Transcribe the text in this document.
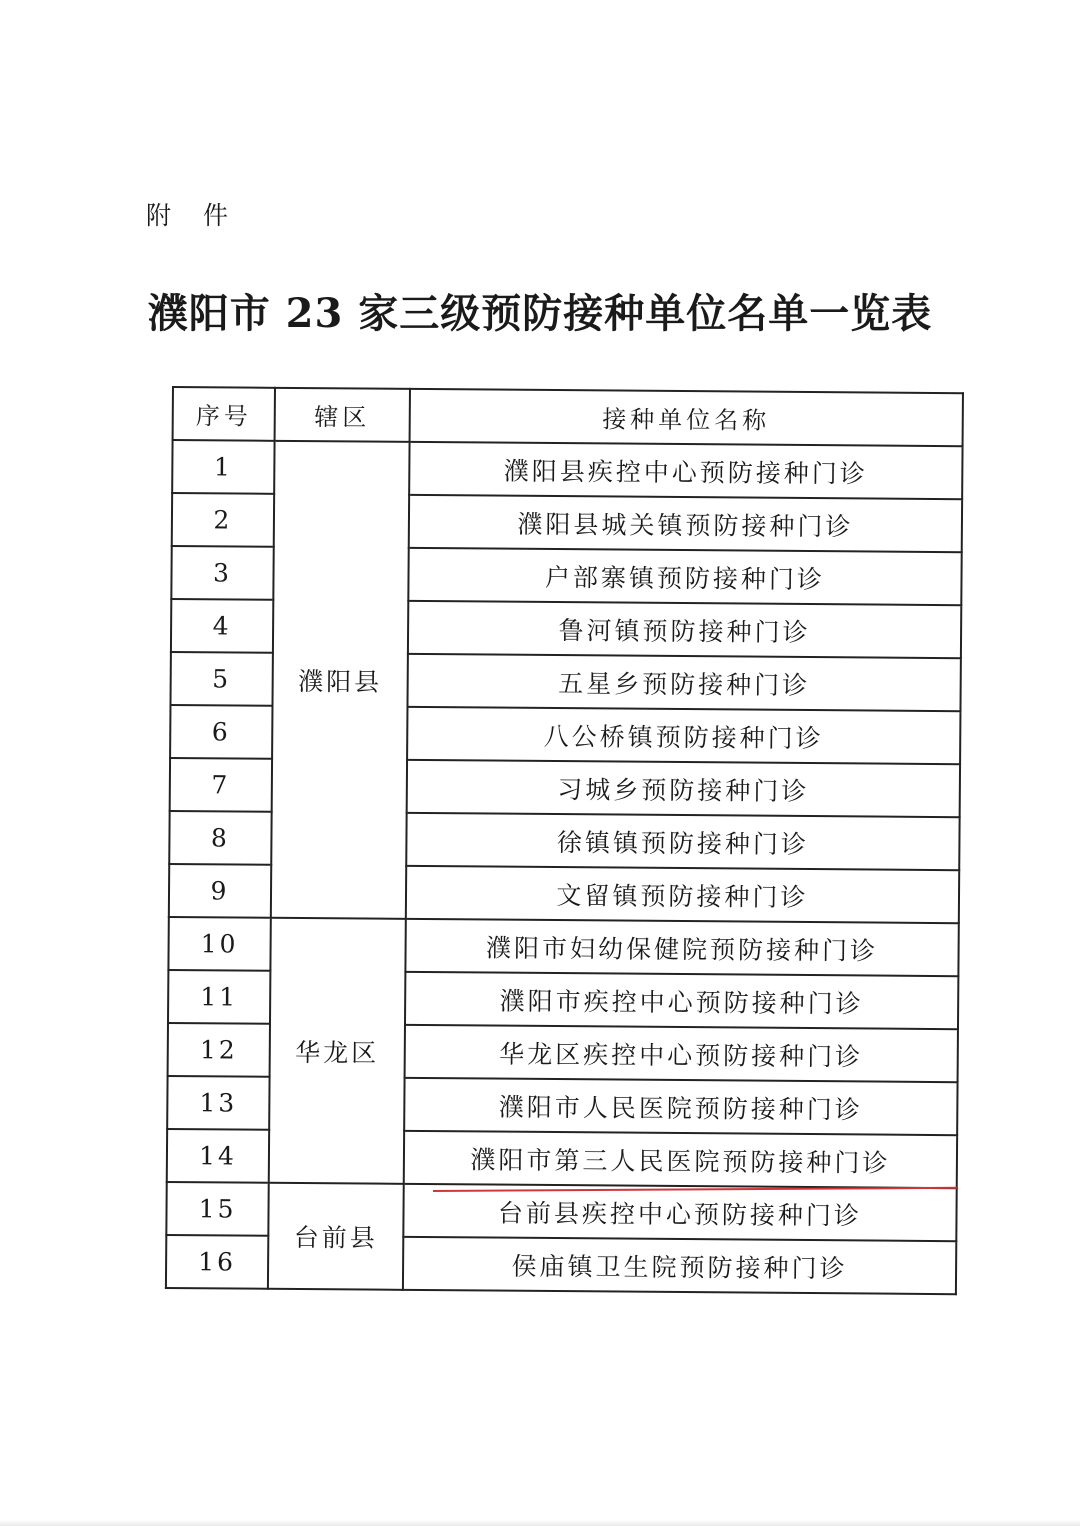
附 件
濮阳市 23 家三级预防接种单位名单一览表
序号	辖区	接种单位名称
1	濮阳县	濮阳县疾控中心预防接种门诊
2		濮阳县城关镇预防接种门诊
3		户部寨镇预防接种门诊
4		鲁河镇预防接种门诊
5		五星乡预防接种门诊
6		八公桥镇预防接种门诊
7		习城乡预防接种门诊
8		徐镇镇预防接种门诊
9		文留镇预防接种门诊
10	华龙区	濮阳市妇幼保健院预防接种门诊
11		濮阳市疾控中心预防接种门诊
12		华龙区疾控中心预防接种门诊
13		濮阳市人民医院预防接种门诊
14		濮阳市第三人民医院预防接种门诊
15	台前县	台前县疾控中心预防接种门诊
16		侯庙镇卫生院预防接种门诊
